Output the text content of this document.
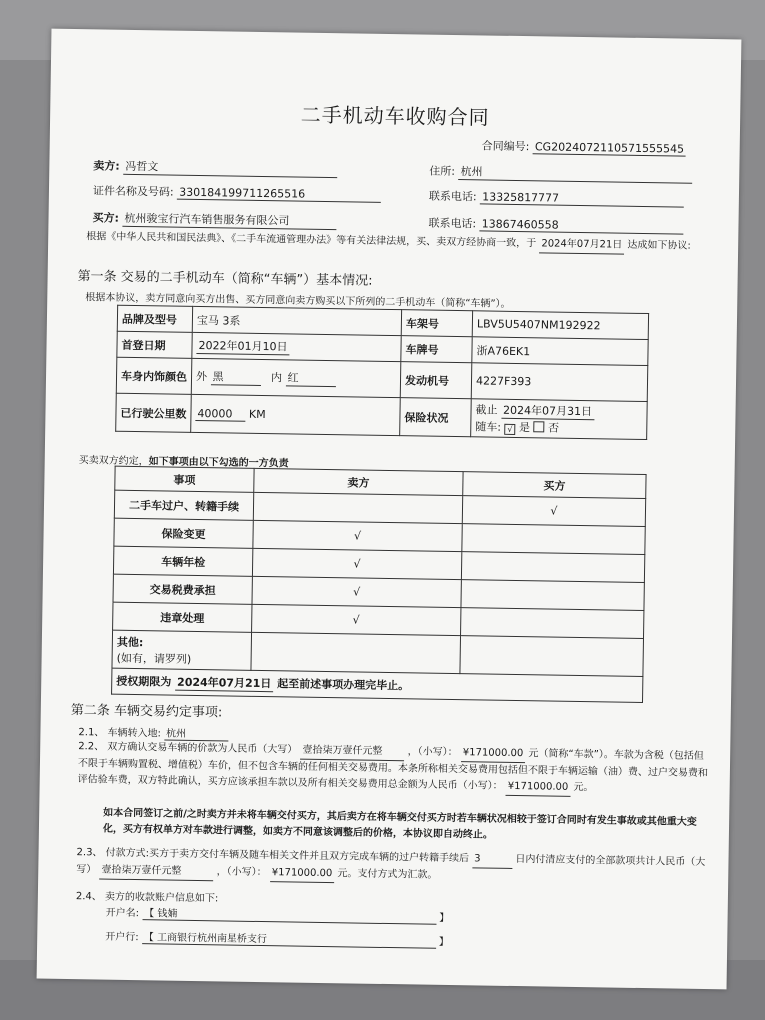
二手机动车收购合同
合同编号: CG2024072110571555545
卖方: 冯哲文	住所: 杭州
证件名称及号码: 330184199711265516	联系电话: 13325817777
买方: 杭州骏宝行汽车销售服务有限公司	联系电话: 13867460558
根据《中华人民共和国民法典》、《二手车流通管理办法》等有关法律法规，买、卖双方经协商一致，于 2024年07月21日 达成如下协议:
第一条 交易的二手机动车（简称“车辆”）基本情况:
根据本协议，卖方同意向买方出售、买方同意向卖方购买以下所列的二手机动车（简称“车辆”）。
品牌及型号	宝马 3系	车架号	LBV5U5407NM192922
首登日期	2022年01月10日	车牌号	浙A76EK1
车身内饰颜色	外 黑 内 红	发动机号	4227F393
已行驶公里数	40000 KM	保险状况	截止 2024年07月31日
随车: √ 是 否
买卖双方约定，如下事项由以下勾选的一方负责
事项	卖方	买方
二手车过户、转籍手续		√
保险变更	√	
车辆年检	√	
交易税费承担	√	
违章处理	√	

其他:
(如有，请罗列)		

授权期限为 2024年07月21日 起至前述事项办理完毕止。		
第二条 车辆交易约定事项:
2.1、 车辆转入地: 杭州
2.2、 双方确认交易车辆的价款为人民币（大写） 壹拾柒万壹仟元整	，（小写）： ¥171000.00 元（简称“车款”）。车款为含税（包括但不限于车辆购置税、增值税）车价，但不包含车辆的任何相关交易费用。本条所称相关交易费用包括但不限于车辆运输（油）费、过户交易费和评估验车费，双方特此确认，买方应该承担车款以及所有相关交易费用总金额为人民币（小写）： ¥171000.00 元。
如本合同签订之前/之时卖方并未将车辆交付买方，其后卖方在将车辆交付买方时若车辆状况相较于签订合同时有发生事故或其他重大变化，买方有权单方对车款进行调整，如卖方不同意该调整后的价格，本协议即自动终止。
2.3、 付款方式:买方于卖方交付车辆及随车相关文件并且双方完成车辆的过户转籍手续后 3	日内付清应支付的全部款项共计人民币（大写） 壹拾柒万壹仟元整	，（小写）： ¥171000.00 元。支付方式为汇款。
2.4、 卖方的收款账户信息如下:
开户名: 【 钱婻	】
开户行: 【 工商银行杭州南星桥支行	】
